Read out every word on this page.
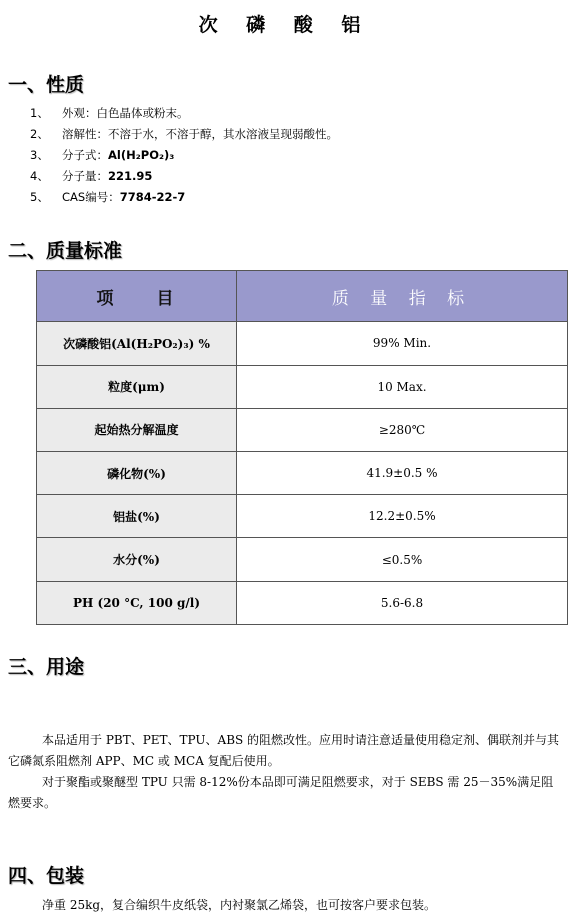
次 磷 酸 铝
一、性质
1、 外观：白色晶体或粉末。
2、 溶解性：不溶于水，不溶于醇，其水溶液呈现弱酸性。
3、 分子式：Al(H₂PO₂)₃
4、 分子量：221.95
5、 CAS编号：7784-22-7
二、质量标准
项　　目	质 量 指 标
次磷酸铝(Al(H₂PO₂)₃) %	99% Min.
粒度(μm)	10 Max.
起始热分解温度	≥280℃
磷化物(%)	41.9±0.5 %
铝盐(%)	12.2±0.5%
水分(%)	≤0.5%
PH (20 °C, 100 g/l)	5.6-6.8
三、用途

本品适用于 PBT、PET、TPU、ABS 的阻燃改性。应用时请注意适量使用稳定剂、偶联剂并与其它磷氮系阻燃剂 APP、MC 或 MCA 复配后使用。

对于聚酯或聚醚型 TPU 只需 8-12%份本品即可满足阻燃要求，对于 SEBS 需 25－35%满足阻燃要求。

四、包装

净重 25kg，复合编织牛皮纸袋，内衬聚氯乙烯袋，也可按客户要求包装。
